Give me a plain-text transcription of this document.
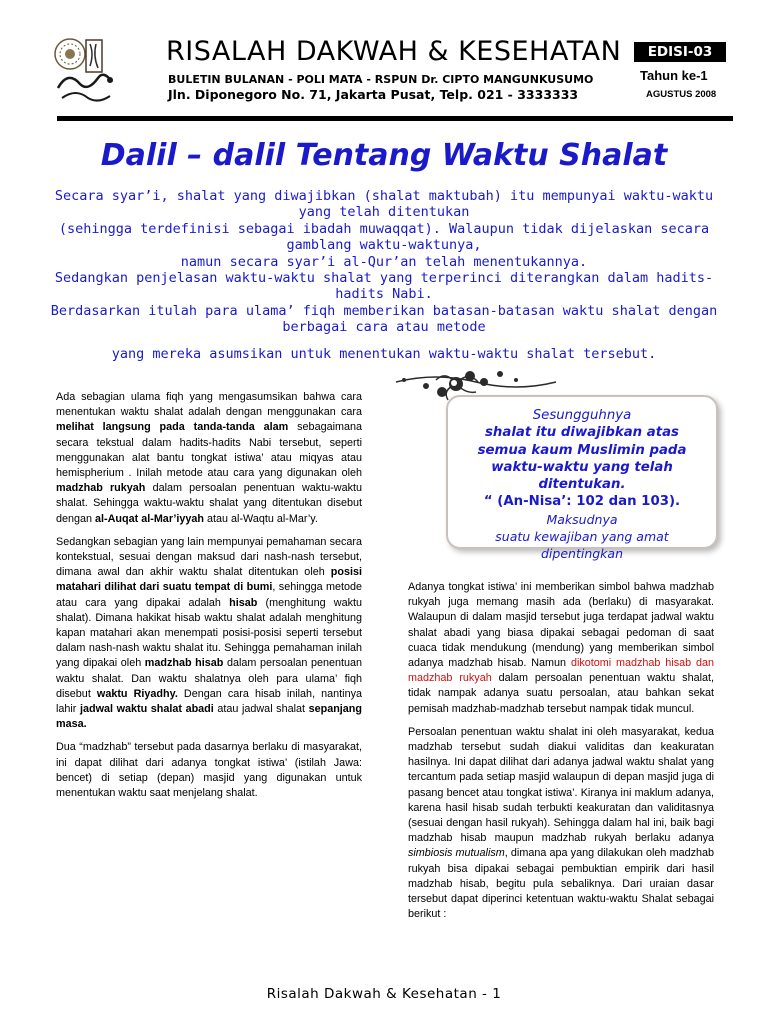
RISALAH DAKWAH & KESEHATAN
BULETIN BULANAN - POLI MATA - RSPUN Dr. CIPTO MANGUNKUSUMO
Jln. Diponegoro No. 71, Jakarta Pusat, Telp. 021 - 3333333
EDISI-03
Tahun ke-1
AGUSTUS 2008
Dalil – dalil Tentang Waktu Shalat

Secara syar’i, shalat yang diwajibkan (shalat maktubah) itu mempunyai waktu-waktu yang telah ditentukan

(sehingga terdefinisi sebagai ibadah muwaqqat). Walaupun tidak dijelaskan secara gamblang waktu-waktunya,

namun secara syar’i al-Qur’an telah menentukannya.

Sedangkan penjelasan waktu-waktu shalat yang terperinci diterangkan dalam hadits-hadits Nabi.

Berdasarkan itulah para ulama’ fiqh memberikan batasan-batasan waktu shalat dengan berbagai cara atau metode

yang mereka asumsikan untuk menentukan waktu-waktu shalat tersebut.

Ada sebagian ulama fiqh yang mengasumsikan bahwa cara menentukan waktu shalat adalah dengan menggunakan cara melihat langsung pada tanda-tanda alam sebagaimana secara tekstual dalam hadits-hadits Nabi tersebut, seperti menggunakan alat bantu tongkat istiwa’ atau miqyas atau hemispherium . Inilah metode atau cara yang digunakan oleh madzhab rukyah dalam persoalan penentuan waktu-waktu shalat. Sehingga waktu-waktu shalat yang ditentukan disebut dengan al-Auqat al-Mar’iyyah atau al-Waqtu al-Mar’y.

Sedangkan sebagian yang lain mempunyai pemahaman secara kontekstual, sesuai dengan maksud dari nash-nash tersebut, dimana awal dan akhir waktu shalat ditentukan oleh posisi matahari dilihat dari suatu tempat di bumi, sehingga metode atau cara yang dipakai adalah hisab (menghitung waktu shalat). Dimana hakikat hisab waktu shalat adalah menghitung kapan matahari akan menempati posisi-posisi seperti tersebut dalam nash-nash waktu shalat itu. Sehingga pemahaman inilah yang dipakai oleh madzhab hisab dalam persoalan penentuan waktu shalat. Dan waktu shalatnya oleh para ulama’ fiqh disebut waktu Riyadhy. Dengan cara hisab inilah, nantinya lahir jadwal waktu shalat abadi atau jadwal shalat sepanjang masa.

Dua “madzhab” tersebut pada dasarnya berlaku di masyarakat, ini dapat dilihat dari adanya tongkat istiwa’ (istilah Jawa: bencet) di setiap (depan) masjid yang digunakan untuk menentukan waktu saat menjelang shalat.

Sesungguhnya
shalat itu diwajibkan atas
semua kaum Muslimin pada
waktu-waktu yang telah
ditentukan.
“ (An-Nisa’: 102 dan 103).
Maksudnya
suatu kewajiban yang amat
dipentingkan

Adanya tongkat istiwa’ ini memberikan simbol bahwa madzhab rukyah juga memang masih ada (berlaku) di masyarakat. Walaupun di dalam masjid tersebut juga terdapat jadwal waktu shalat abadi yang biasa dipakai sebagai pedoman di saat cuaca tidak mendukung (mendung) yang memberikan simbol adanya madzhab hisab. Namun dikotomi madzhab hisab dan madzhab rukyah dalam persoalan penentuan waktu shalat, tidak nampak adanya suatu persoalan, atau bahkan sekat pemisah madzhab-madzhab tersebut nampak tidak muncul.

Persoalan penentuan waktu shalat ini oleh masyarakat, kedua madzhab tersebut sudah diakui validitas dan keakuratan hasilnya. Ini dapat dilihat dari adanya jadwal waktu shalat yang tercantum pada setiap masjid walaupun di depan masjid juga di pasang bencet atau tongkat istiwa’. Kiranya ini maklum adanya, karena hasil hisab sudah terbukti keakuratan dan validitasnya (sesuai dengan hasil rukyah). Sehingga dalam hal ini, baik bagi madzhab hisab maupun madzhab rukyah berlaku adanya simbiosis mutualism, dimana apa yang dilakukan oleh madzhab rukyah bisa dipakai sebagai pembuktian empirik dari hasil madzhab hisab, begitu pula sebaliknya. Dari uraian dasar tersebut dapat diperinci ketentuan waktu-waktu Shalat sebagai berikut :

Risalah Dakwah & Kesehatan - 1
